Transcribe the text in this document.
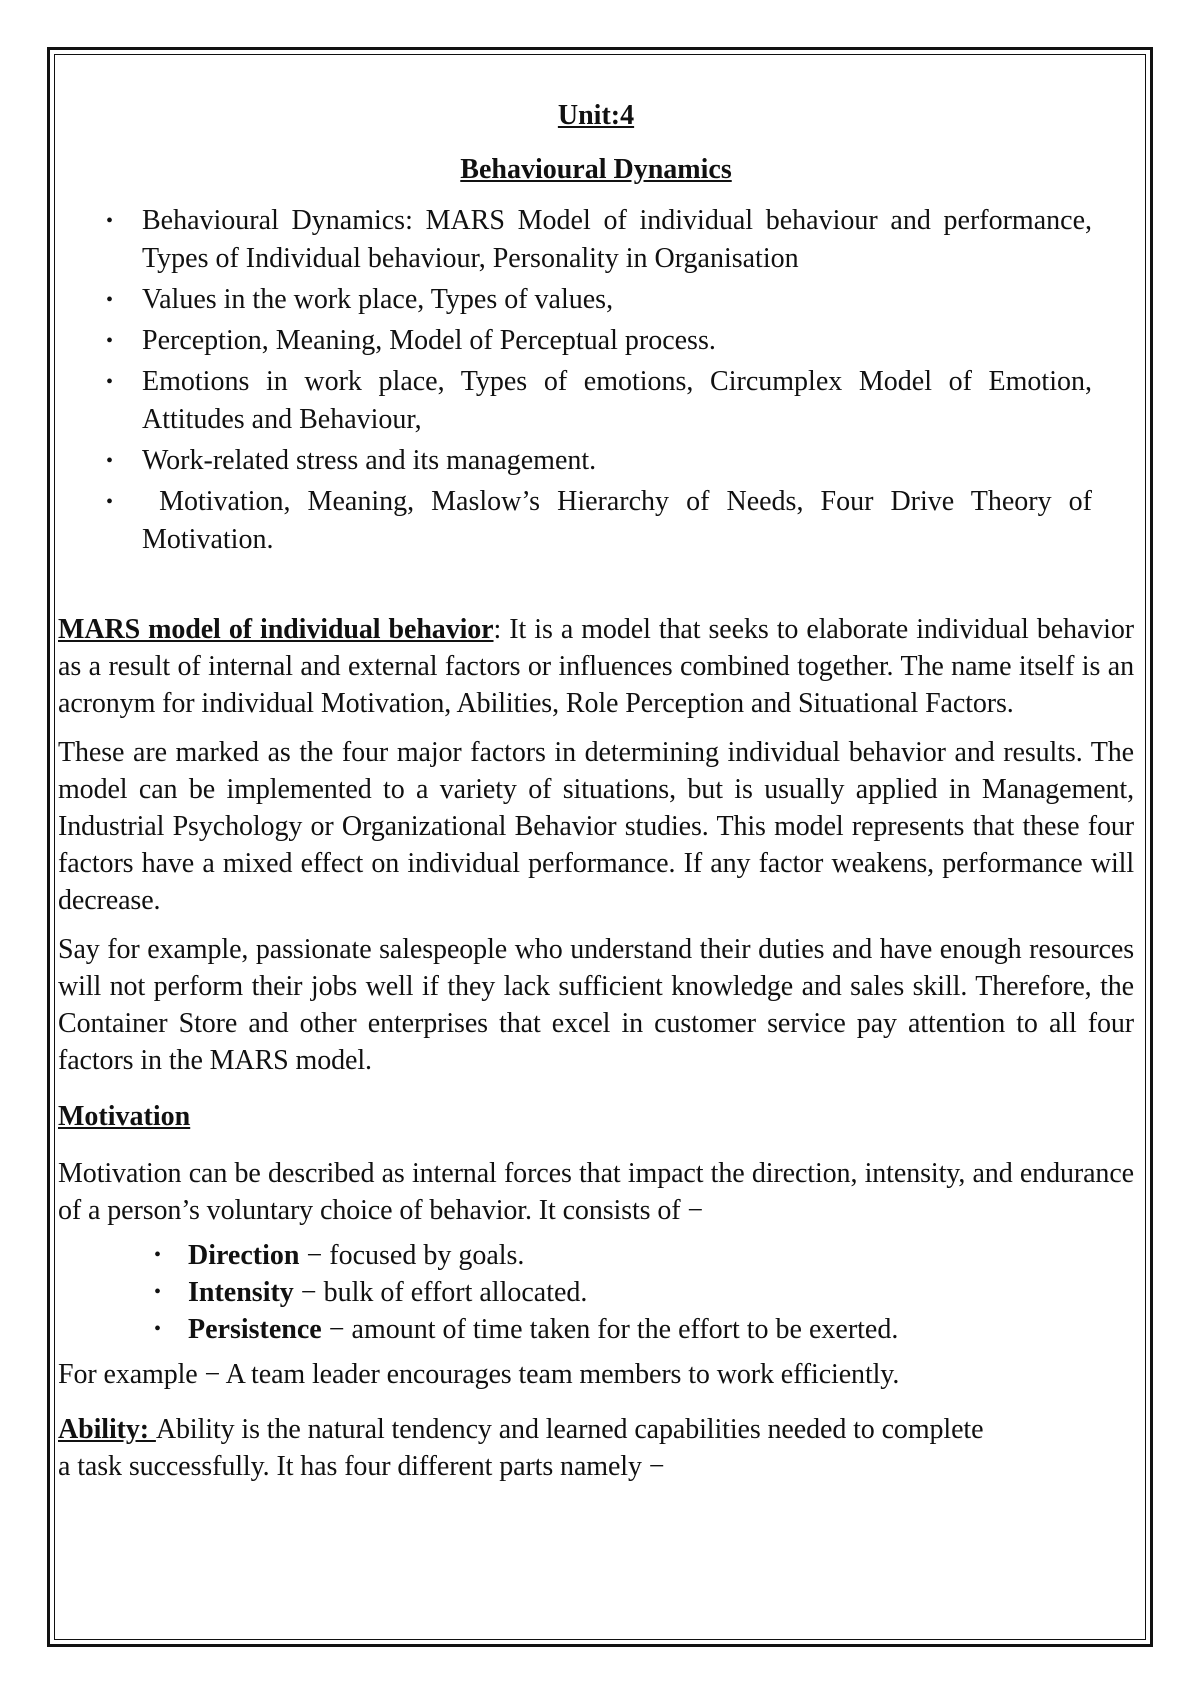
Unit:4
Behavioural Dynamics
• Behavioural Dynamics: MARS Model of individual behaviour and performance, Types of Individual behaviour, Personality in Organisation
• Values in the work place, Types of values,
• Perception, Meaning, Model of Perceptual process.
• Emotions in work place, Types of emotions, Circumplex Model of Emotion, Attitudes and Behaviour,
• Work-related stress and its management.
• Motivation, Meaning, Maslow’s Hierarchy of Needs, Four Drive Theory of Motivation.

MARS model of individual behavior: It is a model that seeks to elaborate individual behavior as a result of internal and external factors or influences combined together. The name itself is an acronym for individual Motivation, Abilities, Role Perception and Situational Factors.

These are marked as the four major factors in determining individual behavior and results. The model can be implemented to a variety of situations, but is usually applied in Management, Industrial Psychology or Organizational Behavior studies. This model represents that these four factors have a mixed effect on individual performance. If any factor weakens, performance will decrease.

Say for example, passionate salespeople who understand their duties and have enough resources will not perform their jobs well if they lack sufficient knowledge and sales skill. Therefore, the Container Store and other enterprises that excel in customer service pay attention to all four factors in the MARS model.

Motivation

Motivation can be described as internal forces that impact the direction, intensity, and endurance of a person’s voluntary choice of behavior. It consists of −

• Direction − focused by goals.
• Intensity − bulk of effort allocated.
• Persistence − amount of time taken for the effort to be exerted.

For example − A team leader encourages team members to work efficiently.

Ability: Ability is the natural tendency and learned capabilities needed to complete a task successfully. It has four different parts namely −
